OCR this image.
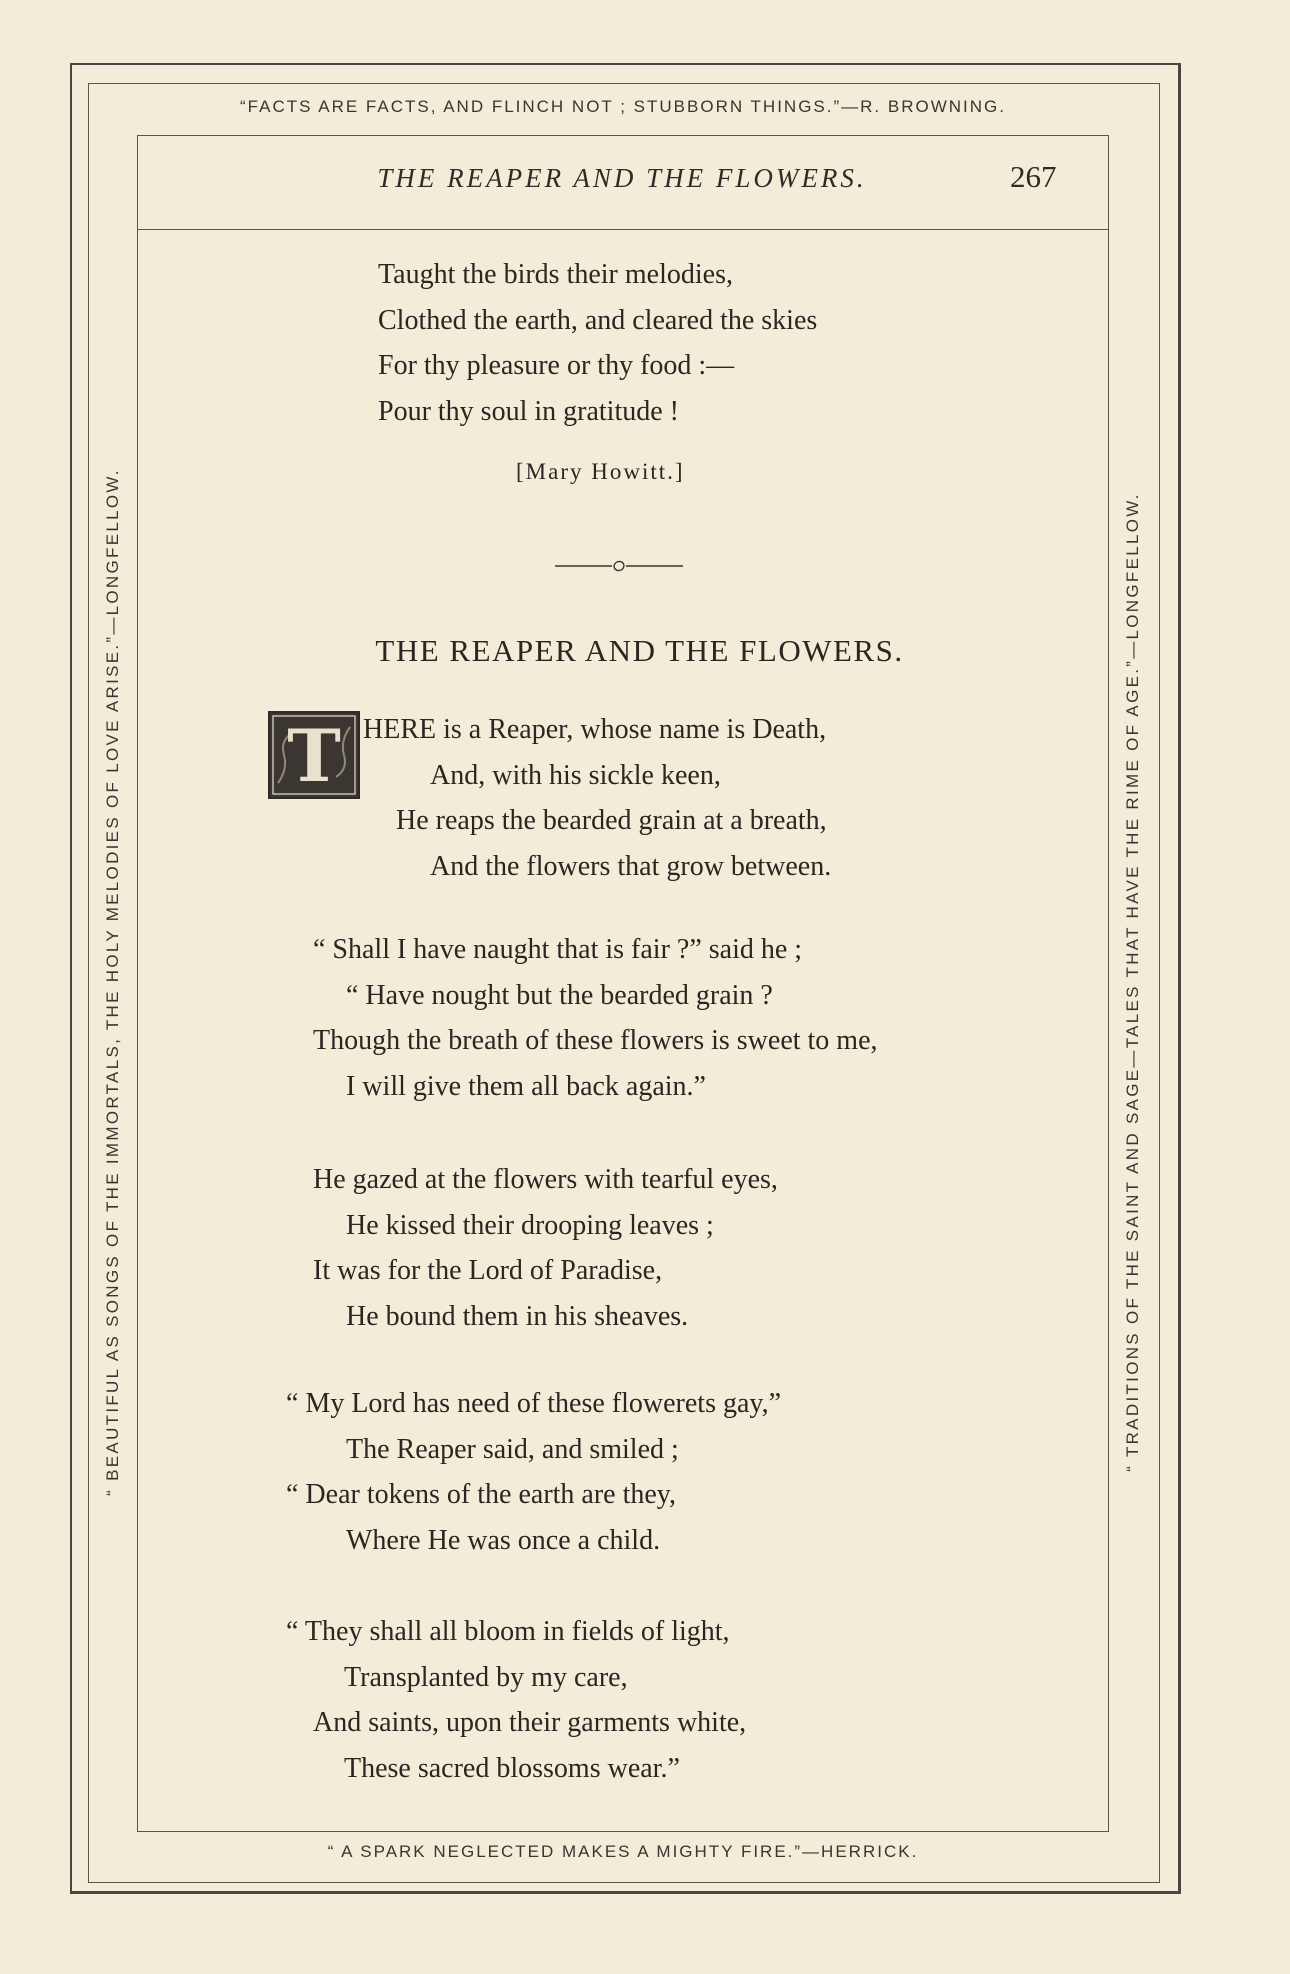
“FACTS ARE FACTS, AND FLINCH NOT ; STUBBORN THINGS.”—R. BROWNING.
“ A SPARK NEGLECTED MAKES A MIGHTY FIRE.”—HERRICK.
“ BEAUTIFUL AS SONGS OF THE IMMORTALS, THE HOLY MELODIES OF LOVE ARISE.”—LONGFELLOW.	“ TRADITIONS OF THE SAINT AND SAGE—TALES THAT HAVE THE RIME OF AGE.”—LONGFELLOW.
THE REAPER AND THE FLOWERS.	267
Taught the birds their melodies,
Clothed the earth, and cleared the skies
For thy pleasure or thy food :—
Pour thy soul in gratitude !
[Mary Howitt.]
THE REAPER AND THE FLOWERS.
T HERE is a Reaper, whose name is Death,
And, with his sickle keen,
He reaps the bearded grain at a breath,
And the flowers that grow between.
“ Shall I have naught that is fair ?” said he ;
“ Have nought but the bearded grain ?
Though the breath of these flowers is sweet to me,
I will give them all back again.”
He gazed at the flowers with tearful eyes,
He kissed their drooping leaves ;
It was for the Lord of Paradise,
He bound them in his sheaves.
“ My Lord has need of these flowerets gay,”
The Reaper said, and smiled ;
“ Dear tokens of the earth are they,
Where He was once a child.
“ They shall all bloom in fields of light,
Transplanted by my care,
And saints, upon their garments white,
These sacred blossoms wear.”
